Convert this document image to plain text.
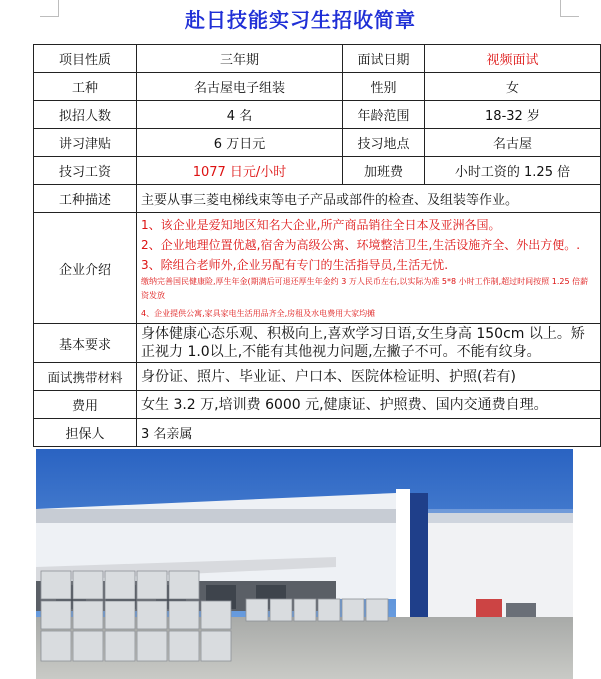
赴日技能实习生招收简章
项目性质	三年期	面试日期	视频面试
工种	名古屋电子组装	性别	女
拟招人数	4 名	年龄范围	18-32 岁
讲习津贴	6 万日元	技习地点	名古屋
技习工资	1077 日元/小时	加班费	小时工资的 1.25 倍
工种描述	主要从事三菱电梯线束等电子产品或部件的检查、及组装等作业。		
企业介绍	1、该企业是爱知地区知名大企业,所产商品销往全日本及亚洲各国。
2、企业地理位置优越,宿舍为高级公寓、环境整洁卫生,生活设施齐全、外出方便。.
3、除组合老师外,企业另配有专门的生活指导员,生活无忧.
缴纳完善国民健康险,厚生年金(期满后可退还厚生年金约 3 万人民币左右,以实际为准 5*8 小时工作制,超过时间按照 1.25 倍薪资发放
4、企业提供公寓,家具家电生活用品齐全,房租及水电费用大家均摊		

基本要求	身体健康心态乐观、积极向上,喜欢学习日语,女生身高 150cm 以上。矫正视力 1.0以上,不能有其他视力问题,左撇子不可。不能有纹身。		
面试携带材料	身份证、照片、毕业证、户口本、医院体检证明、护照(若有)		
费用	女生 3.2 万,培训费 6000 元,健康证、护照费、国内交通费自理。		
担保人	3 名亲属		
